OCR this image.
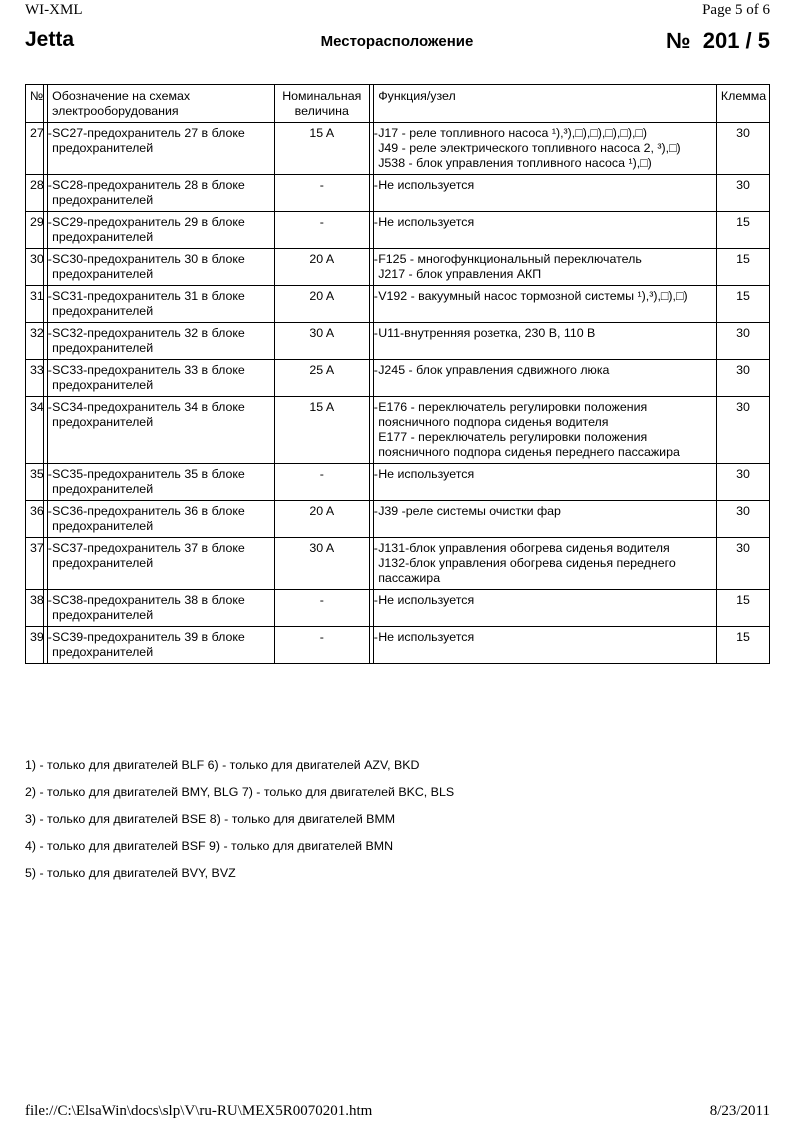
WI-XML	Page 5 of 6
Jetta	Месторасположение	№  201 / 5
№		Обозначение на схемах электрооборудования	Номинальная величина		Функция/узел	Клемма
27	-	SC27-предохранитель 27 в блоке предохранителей	15 A	-	J17 - реле топливного насоса ¹),³),□),□),□),□),□)
J49 - реле электрического топливного насоса 2, ³),□)
J538 - блок управления топливного насоса ¹),□)	30
28	-	SC28-предохранитель 28 в блоке предохранителей	-	-	Не используется	30
29	-	SC29-предохранитель 29 в блоке предохранителей	-	-	Не используется	15
30	-	SC30-предохранитель 30 в блоке предохранителей	20 A	-	F125 - многофункциональный переключатель
J217 - блок управления АКП	15
31	-	SC31-предохранитель 31 в блоке предохранителей	20 A	-	V192 - вакуумный насос тормозной системы ¹),³),□),□)	15
32	-	SC32-предохранитель 32 в блоке предохранителей	30 A	-	U11-внутренняя розетка, 230 В, 110 В	30
33	-	SC33-предохранитель 33 в блоке предохранителей	25 A	-	J245 - блок управления сдвижного люка	30
34	-	SC34-предохранитель 34 в блоке предохранителей	15 A	-	E176 - переключатель регулировки положения поясничного подпора сиденья водителя
E177 - переключатель регулировки положения поясничного подпора сиденья переднего пассажира	30
35	-	SC35-предохранитель 35 в блоке предохранителей	-	-	Не используется	30
36	-	SC36-предохранитель 36 в блоке предохранителей	20 A	-	J39 -реле системы очистки фар	30
37	-	SC37-предохранитель 37 в блоке предохранителей	30 A	-	J131-блок управления обогрева сиденья водителя
J132-блок управления обогрева сиденья переднего пассажира	30
38	-	SC38-предохранитель 38 в блоке предохранителей	-	-	Не используется	15
39	-	SC39-предохранитель 39 в блоке предохранителей	-	-	Не используется	15
1) - только для двигателей BLF 6) - только для двигателей AZV, BKD
2) - только для двигателей BMY, BLG 7) - только для двигателей BKC, BLS
3) - только для двигателей BSE 8) - только для двигателей BMM
4) - только для двигателей BSF 9) - только для двигателей BMN
5) - только для двигателей BVY, BVZ
file://C:\ElsaWin\docs\slp\V\ru-RU\MEX5R0070201.htm	8/23/2011
